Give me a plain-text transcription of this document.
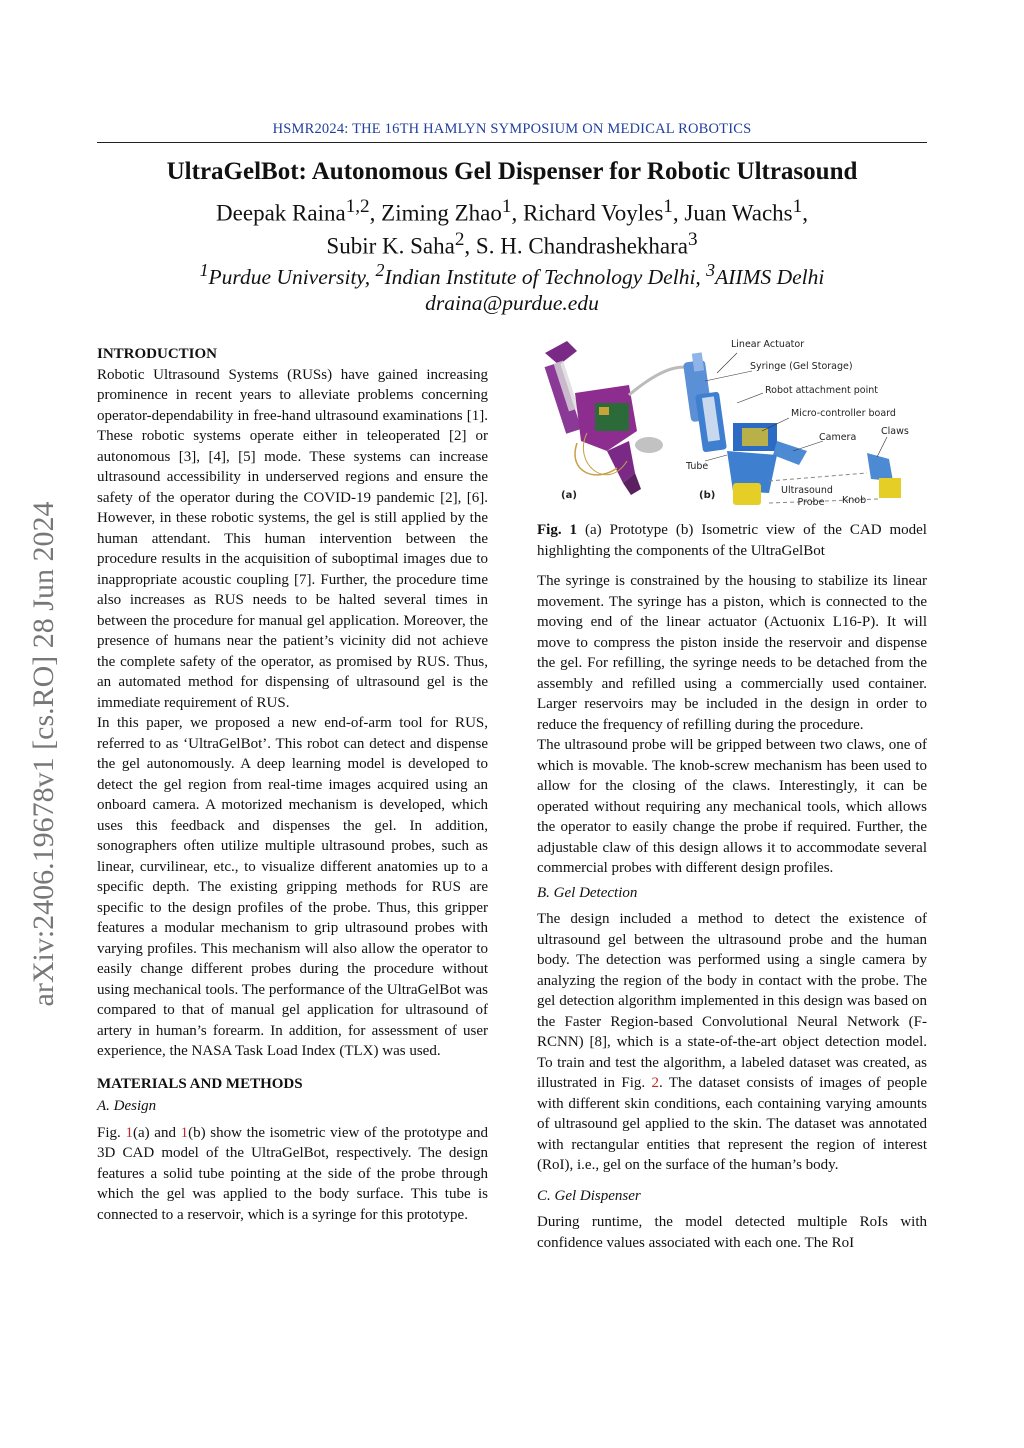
HSMR2024: THE 16TH HAMLYN SYMPOSIUM ON MEDICAL ROBOTICS
UltraGelBot: Autonomous Gel Dispenser for Robotic Ultrasound
Deepak Raina$^{1,2}$, Ziming Zhao$^1$, Richard Voyles$^1$, Juan Wachs$^1$,
Subir K. Saha$^2$, S. H. Chandrashekhara$^3$
$^1$Purdue University, $^2$Indian Institute of Technology Delhi, $^3$AIIMS Delhi
draina@purdue.edu
arXiv:2406.19678v1 [cs.RO] 28 Jun 2024
INTRODUCTION

Robotic Ultrasound Systems (RUSs) have gained increasing prominence in recent years to alleviate problems concerning operator-dependability in free-hand ultrasound examinations [1]. These robotic systems operate either in teleoperated [2] or autonomous [3], [4], [5] mode. These systems can increase ultrasound accessibility in underserved regions and ensure the safety of the operator during the COVID-19 pandemic [2], [6]. However, in these robotic systems, the gel is still applied by the human attendant. This human intervention between the procedure results in the acquisition of suboptimal images due to inappropriate acoustic coupling [7]. Further, the procedure time also increases as RUS needs to be halted several times in between the procedure for manual gel application. Moreover, the presence of humans near the patient’s vicinity did not achieve the complete safety of the operator, as promised by RUS. Thus, an automated method for dispensing of ultrasound gel is the immediate requirement of RUS.

In this paper, we proposed a new end-of-arm tool for RUS, referred to as ‘UltraGelBot’. This robot can detect and dispense the gel autonomously. A deep learning model is developed to detect the gel region from real-time images acquired using an onboard camera. A motorized mechanism is developed, which uses this feedback and dispenses the gel. In addition, sonographers often utilize multiple ultrasound probes, such as linear, curvilinear, etc., to visualize different anatomies up to a specific depth. The existing gripping methods for RUS are specific to the design profiles of the probe. Thus, this gripper features a modular mechanism to grip ultrasound probes with varying profiles. This mechanism will also allow the operator to easily change different probes during the procedure without using mechanical tools. The performance of the UltraGelBot was compared to that of manual gel application for ultrasound of artery in human’s forearm. In addition, for assessment of user experience, the NASA Task Load Index (TLX) was used.

MATERIALS AND METHODS
A. Design

Fig. 1(a) and 1(b) show the isometric view of the prototype and 3D CAD model of the UltraGelBot, respectively. The design features a solid tube pointing at the side of the probe through which the gel was applied to the body surface. This tube is connected to a reservoir, which is a syringe for this prototype.

Linear Actuator
Syringe (Gel Storage)
Robot attachment point
Micro-controller board
Camera
Claws
Tube
Ultrasound
Probe	Knob
(a)	(b)

Fig. 1 (a) Prototype (b) Isometric view of the CAD model highlighting the components of the UltraGelBot

The syringe is constrained by the housing to stabilize its linear movement. The syringe has a piston, which is connected to the moving end of the linear actuator (Actuonix L16-P). It will move to compress the piston inside the reservoir and dispense the gel. For refilling, the syringe needs to be detached from the assembly and refilled using a commercially used container. Larger reservoirs may be included in the design in order to reduce the frequency of refilling during the procedure.

The ultrasound probe will be gripped between two claws, one of which is movable. The knob-screw mechanism has been used to allow for the closing of the claws. Interestingly, it can be operated without requiring any mechanical tools, which allows the operator to easily change the probe if required. Further, the adjustable claw of this design allows it to accommodate several commercial probes with different design profiles.

B. Gel Detection

The design included a method to detect the existence of ultrasound gel between the ultrasound probe and the human body. The detection was performed using a single camera by analyzing the region of the body in contact with the probe. The gel detection algorithm implemented in this design was based on the Faster Region-based Convolutional Neural Network (F-RCNN) [8], which is a state-of-the-art object detection model. To train and test the algorithm, a labeled dataset was created, as illustrated in Fig. 2. The dataset consists of images of people with different skin conditions, each containing varying amounts of ultrasound gel applied to the skin. The dataset was annotated with rectangular entities that represent the region of interest (RoI), i.e., gel on the surface of the human’s body.

C. Gel Dispenser

During runtime, the model detected multiple RoIs with confidence values associated with each one. The RoI
